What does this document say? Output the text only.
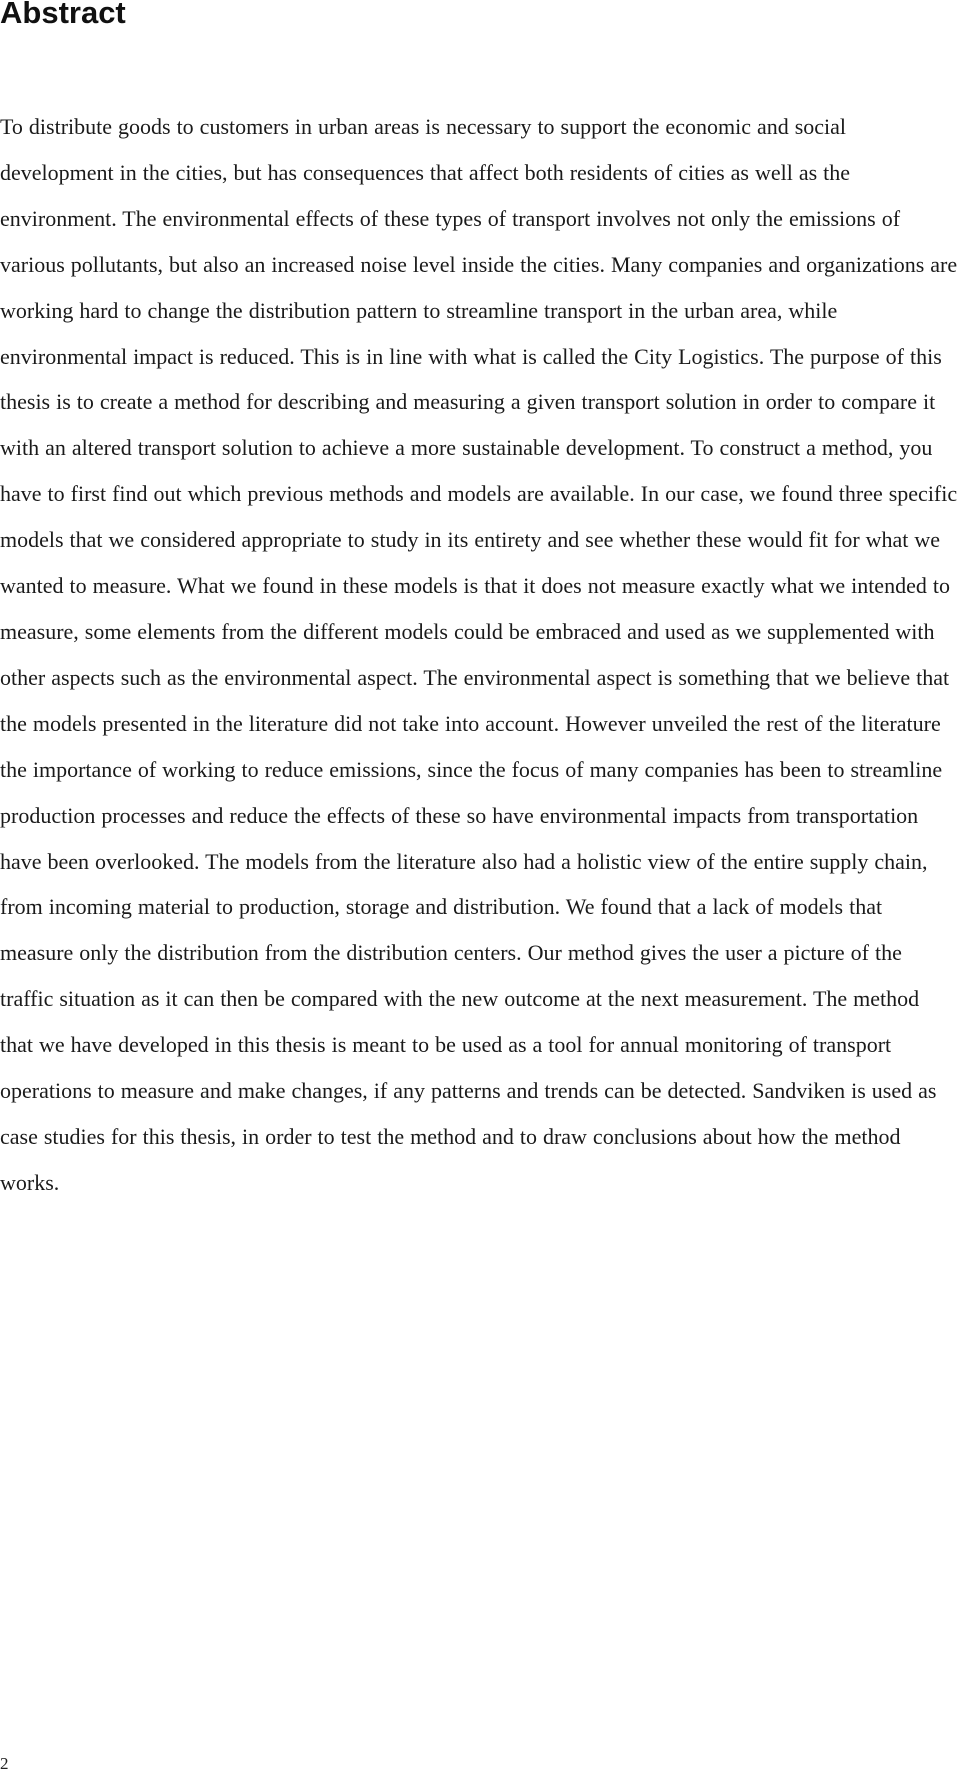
Abstract

To distribute goods to customers in urban areas is necessary to support the economic and social development in the cities, but has consequences that affect both residents of cities as well as the environment. The environmental effects of these types of transport involves not only the emissions of various pollutants, but also an increased noise level inside the cities. Many companies and organizations are working hard to change the distribution pattern to streamline transport in the urban area, while environmental impact is reduced. This is in line with what is called the City Logistics. The purpose of this thesis is to create a method for describing and measuring a given transport solution in order to compare it with an altered transport solution to achieve a more sustainable development. To construct a method, you have to first find out which previous methods and models are available. In our case, we found three specific models that we considered appropriate to study in its entirety and see whether these would fit for what we wanted to measure. What we found in these models is that it does not measure exactly what we intended to measure, some elements from the different models could be embraced and used as we supplemented with other aspects such as the environmental aspect. The environmental aspect is something that we believe that the models presented in the literature did not take into account. However unveiled the rest of the literature the importance of working to reduce emissions, since the focus of many companies has been to streamline production processes and reduce the effects of these so have environmental impacts from transportation have been overlooked. The models from the literature also had a holistic view of the entire supply chain, from incoming material to production, storage and distribution. We found that a lack of models that measure only the distribution from the distribution centers. Our method gives the user a picture of the traffic situation as it can then be compared with the new outcome at the next measurement. The method that we have developed in this thesis is meant to be used as a tool for annual monitoring of transport operations to measure and make changes, if any patterns and trends can be detected. Sandviken is used as case studies for this thesis, in order to test the method and to draw conclusions about how the method works.

2
